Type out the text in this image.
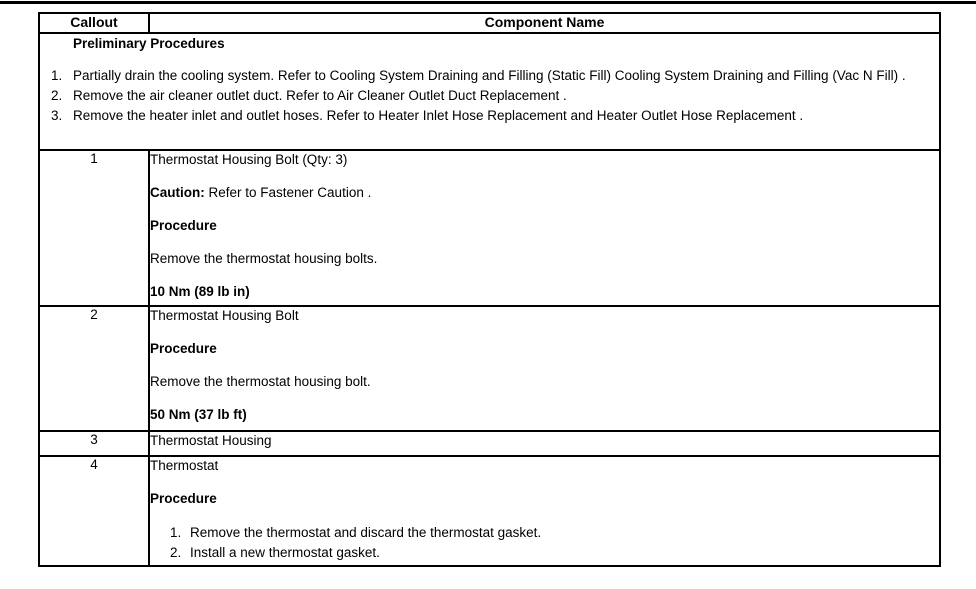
Callout	Component Name

Preliminary Procedures
1. Partially drain the cooling system. Refer to Cooling System Draining and Filling (Static Fill) Cooling System Draining and Filling (Vac N Fill) .
2. Remove the air cleaner outlet duct. Refer to Air Cleaner Outlet Duct Replacement .
3. Remove the heater inlet and outlet hoses. Refer to Heater Inlet Hose Replacement and Heater Outlet Hose Replacement .

1	Thermostat Housing Bolt (Qty: 3)

Caution: Refer to Fastener Caution .

Procedure

Remove the thermostat housing bolts.

10 Nm (89 lb in)

2	Thermostat Housing Bolt

Procedure

Remove the thermostat housing bolt.

50 Nm (37 lb ft)

3	Thermostat Housing

4	Thermostat

Procedure

1. Remove the thermostat and discard the thermostat gasket.
2. Install a new thermostat gasket.
